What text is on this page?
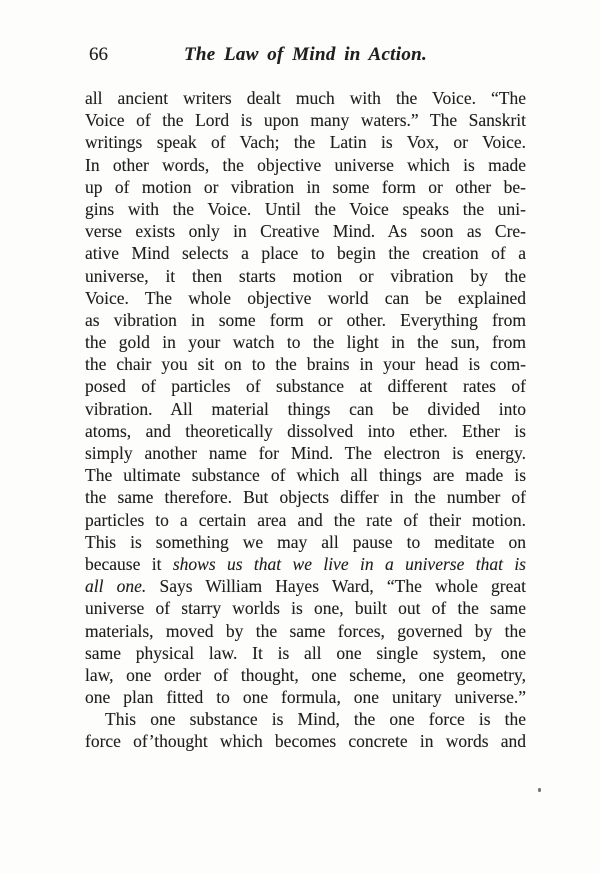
66	The Law of Mind in Action.
all ancient writers dealt much with the Voice. “The
Voice of the Lord is upon many waters.” The Sanskrit
writings speak of Vach; the Latin is Vox, or Voice.
In other words, the objective universe which is made
up of motion or vibration in some form or other be-
gins with the Voice. Until the Voice speaks the uni-
verse exists only in Creative Mind. As soon as Cre-
ative Mind selects a place to begin the creation of a
universe, it then starts motion or vibration by the
Voice. The whole objective world can be explained
as vibration in some form or other. Everything from
the gold in your watch to the light in the sun, from
the chair you sit on to the brains in your head is com-
posed of particles of substance at different rates of
vibration. All material things can be divided into
atoms, and theoretically dissolved into ether. Ether is
simply another name for Mind. The electron is energy.
The ultimate substance of which all things are made is
the same therefore. But objects differ in the number of
particles to a certain area and the rate of their motion.
This is something we may all pause to meditate on
because it shows us that we live in a universe that is
all one. Says William Hayes Ward, “The whole great
universe of starry worlds is one, built out of the same
materials, moved by the same forces, governed by the
same physical law. It is all one single system, one
law, one order of thought, one scheme, one geometry,
one plan fitted to one formula, one unitary universe.”
This one substance is Mind, the one force is the
force of’thought which becomes concrete in words and
